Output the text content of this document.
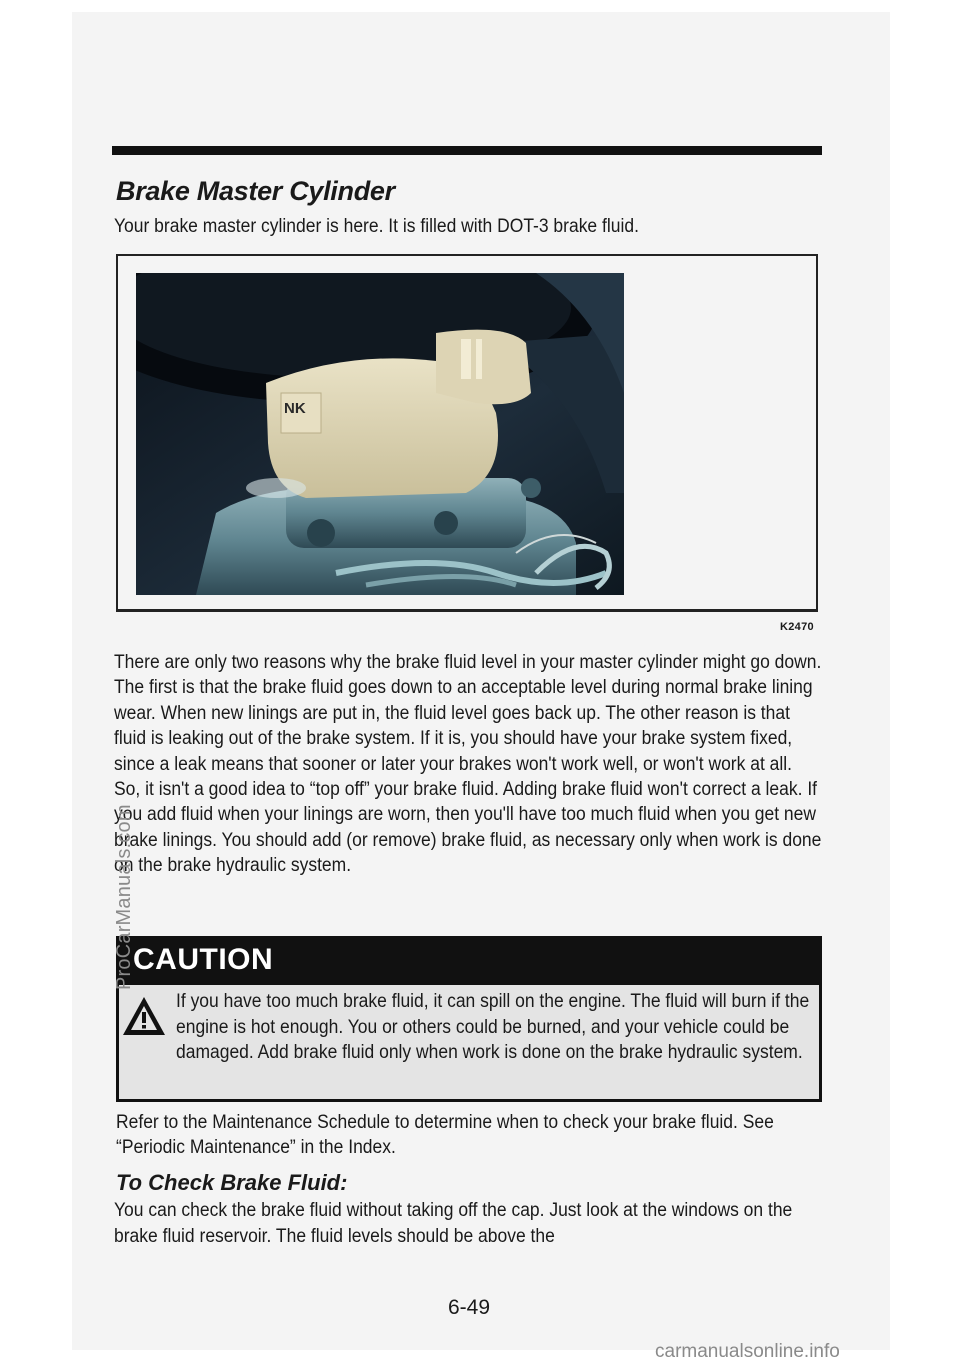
Brake Master Cylinder

Your brake master cylinder is here. It is filled with DOT-3 brake fluid.

NK
K2470

There are only two reasons why the brake fluid level in your master cylinder might go down. The first is that the brake fluid goes down to an acceptable level during normal brake lining wear. When new linings are put in, the fluid level goes back up. The other reason is that fluid is leaking out of the brake system. If it is, you should have your brake system fixed, since a leak means that sooner or later your brakes won't work well, or won't work at all. So, it isn't a good idea to “top off” your brake fluid. Adding brake fluid won't correct a leak. If you add fluid when your linings are worn, then you'll have too much fluid when you get new brake linings. You should add (or remove) brake fluid, as necessary only when work is done on the brake hydraulic system.

CAUTION

If you have too much brake fluid, it can spill on the engine. The fluid will burn if the engine is hot enough. You or others could be burned, and your vehicle could be damaged. Add brake fluid only when work is done on the brake hydraulic system.

Refer to the Maintenance Schedule to determine when to check your brake fluid. See “Periodic Maintenance” in the Index.

To Check Brake Fluid:

You can check the brake fluid without taking off the cap. Just look at the windows on the brake fluid reservoir. The fluid levels should be above the

6-49
ProCarManuals.com
carmanualsonline.info
